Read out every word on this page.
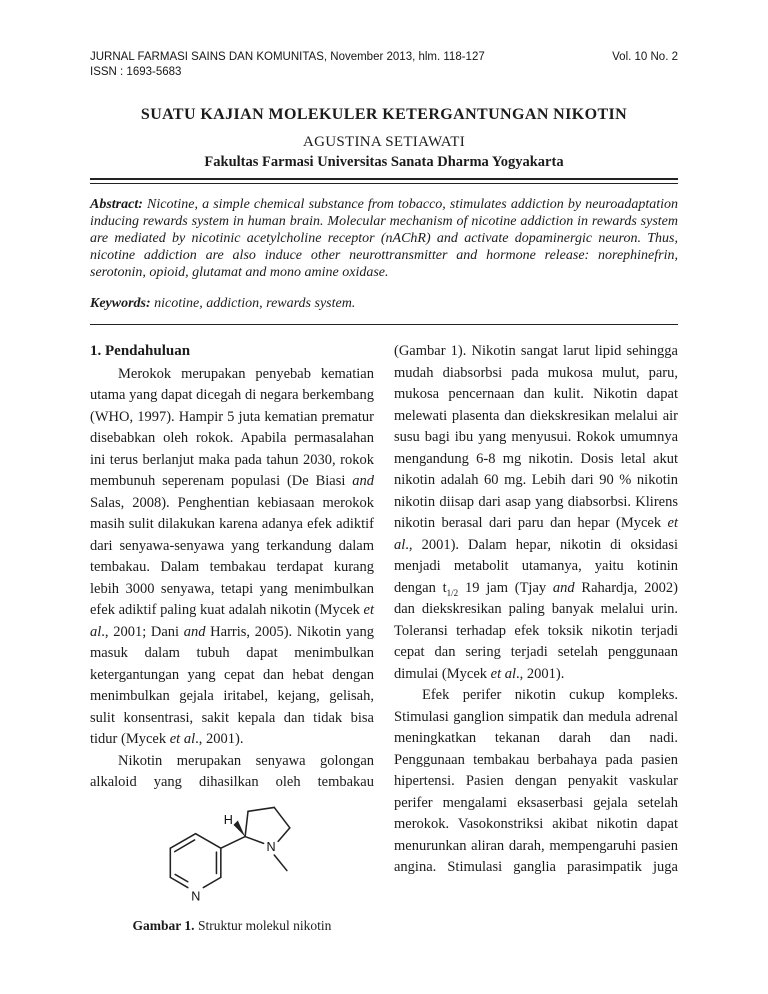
JURNAL FARMASI SAINS DAN KOMUNITAS, November 2013, hlm. 118-127
ISSN : 1693-5683
Vol. 10 No. 2
SUATU KAJIAN MOLEKULER KETERGANTUNGAN NIKOTIN
AGUSTINA SETIAWATI
Fakultas Farmasi Universitas Sanata Dharma Yogyakarta

Abstract: Nicotine, a simple chemical substance from tobacco, stimulates addiction by neuroadaptation inducing rewards system in human brain. Molecular mechanism of nicotine addiction in rewards system are mediated by nicotinic acetylcholine receptor (nAChR) and activate dopaminergic neuron. Thus, nicotine addiction are also induce other neurottransmitter and hormone release: norephinefrin, serotonin, opioid, glutamat and mono amine oxidase.

Keywords: nicotine, addiction, rewards system.

1. Pendahuluan

Merokok merupakan penyebab kematian utama yang dapat dicegah di negara berkembang (WHO, 1997). Hampir 5 juta kematian prematur disebabkan oleh rokok. Apabila permasalahan ini terus berlanjut maka pada tahun 2030, rokok membunuh seperenam populasi (De Biasi and Salas, 2008). Penghentian kebiasaan merokok masih sulit dilakukan karena adanya efek adiktif dari senyawa-senyawa yang terkandung dalam tembakau. Dalam tembakau terdapat kurang lebih 3000 senyawa, tetapi yang menimbulkan efek adiktif paling kuat adalah nikotin (Mycek et al., 2001; Dani and Harris, 2005). Nikotin yang masuk dalam tubuh dapat menimbulkan ketergantungan yang cepat dan hebat dengan menimbulkan gejala iritabel, kejang, gelisah, sulit konsentrasi, sakit kepala dan tidak bisa tidur (Mycek et al., 2001).

Nikotin merupakan senyawa golongan alkaloid yang dihasilkan oleh tembakau

N
H
N
Gambar 1. Struktur molekul nikotin

(Gambar 1). Nikotin sangat larut lipid sehingga mudah diabsorbsi pada mukosa mulut, paru, mukosa pencernaan dan kulit. Nikotin dapat melewati plasenta dan diekskresikan melalui air susu bagi ibu yang menyusui. Rokok umumnya mengandung 6-8 mg nikotin. Dosis letal akut nikotin adalah 60 mg. Lebih dari 90 % nikotin nikotin diisap dari asap yang diabsorbsi. Klirens nikotin berasal dari paru dan hepar (Mycek et al., 2001). Dalam hepar, nikotin di oksidasi menjadi metabolit utamanya, yaitu kotinin dengan $t_{1/2}$ 19 jam (Tjay and Rahardja, 2002) dan diekskresikan paling banyak melalui urin. Toleransi terhadap efek toksik nikotin terjadi cepat dan sering terjadi setelah penggunaan dimulai (Mycek et al., 2001).

Efek perifer nikotin cukup kompleks. Stimulasi ganglion simpatik dan medula adrenal meningkatkan tekanan darah dan nadi. Penggunaan tembakau berbahaya pada pasien hipertensi. Pasien dengan penyakit vaskular perifer mengalami eksaserbasi gejala setelah merokok. Vasokonstriksi akibat nikotin dapat menurunkan aliran darah, mempengaruhi pasien angina. Stimulasi ganglia parasimpatik juga
